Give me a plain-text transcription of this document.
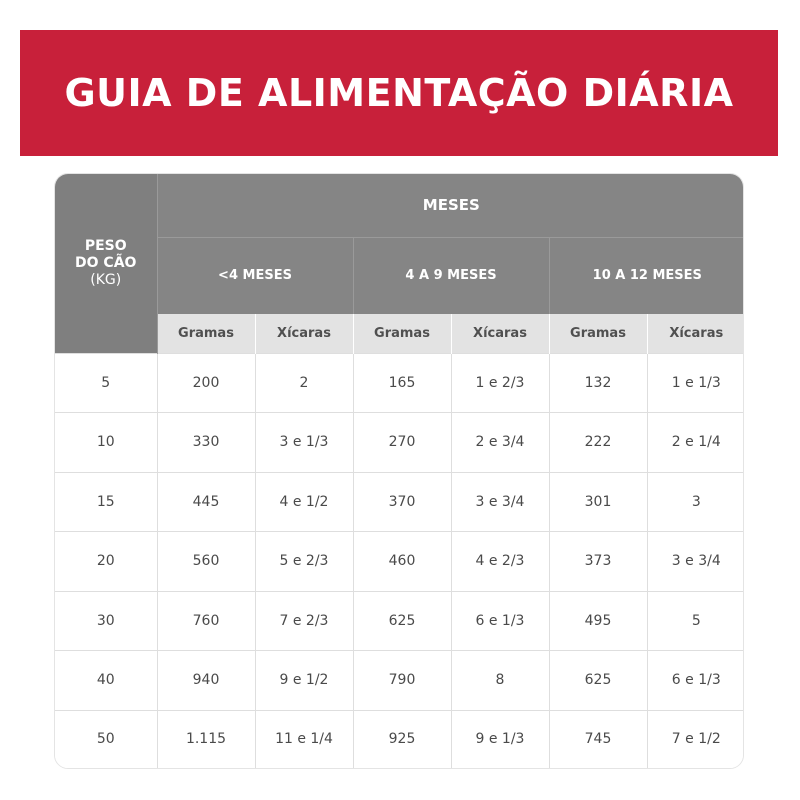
GUIA DE ALIMENTAÇÃO DIÁRIA
PESO
DO CÃO
(KG)	MESES					
	<4 MESES		4 A 9 MESES		10 A 12 MESES	
	Gramas	Xícaras	Gramas	Xícaras	Gramas	Xícaras
5	200	2	165	1 e 2/3	132	1 e 1/3
10	330	3 e 1/3	270	2 e 3/4	222	2 e 1/4
15	445	4 e 1/2	370	3 e 3/4	301	3
20	560	5 e 2/3	460	4 e 2/3	373	3 e 3/4
30	760	7 e 2/3	625	6 e 1/3	495	5
40	940	9 e 1/2	790	8	625	6 e 1/3
50	1.115	11 e 1/4	925	9 e 1/3	745	7 e 1/2
